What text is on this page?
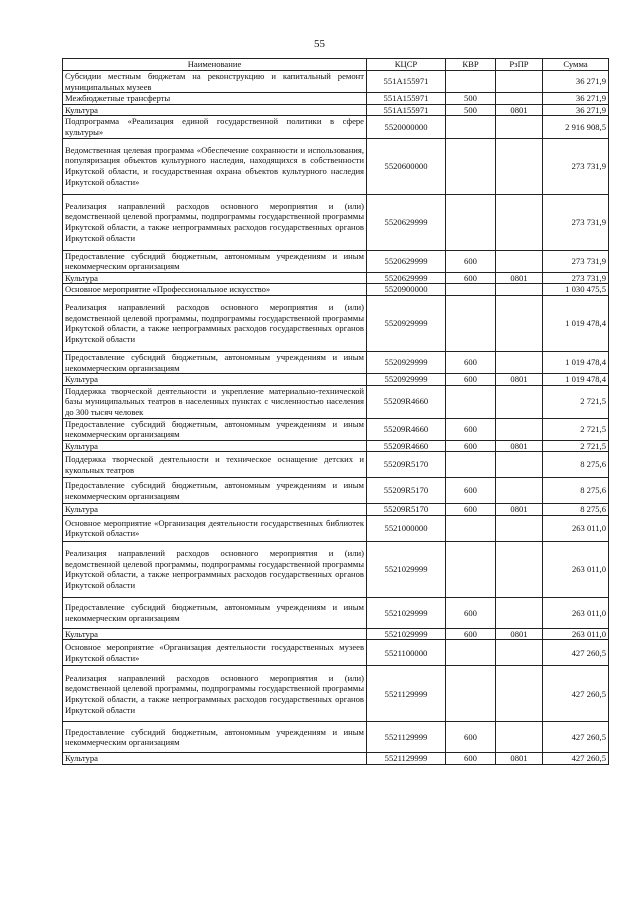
55
Наименование	КЦСР	КВР	РзПР	Сумма
Субсидии местным бюджетам на реконструкцию и капитальный ремонт муниципальных музеев	551А155971			36 271,9
Межбюджетные трансферты	551А155971	500		36 271,9
Культура	551А155971	500	0801	36 271,9
Подпрограмма «Реализация единой государственной политики в сфере культуры»	5520000000			2 916 908,5
Ведомственная целевая программа «Обеспечение сохранности и использования, популяризация объектов культурного наследия, находящихся в собственности Иркутской области, и государственная охрана объектов культурного наследия Иркутской области»	5520600000			273 731,9
Реализация направлений расходов основного мероприятия и (или) ведомственной целевой программы, подпрограммы государственной программы Иркутской области, а также непрограммных расходов государственных органов Иркутской области	5520629999			273 731,9
Предоставление субсидий бюджетным, автономным учреждениям и иным некоммерческим организациям	5520629999	600		273 731,9
Культура	5520629999	600	0801	273 731,9
Основное мероприятие «Профессиональное искусство»	5520900000			1 030 475,5
Реализация направлений расходов основного мероприятия и (или) ведомственной целевой программы, подпрограммы государственной программы Иркутской области, а также непрограммных расходов государственных органов Иркутской области	5520929999			1 019 478,4
Предоставление субсидий бюджетным, автономным учреждениям и иным некоммерческим организациям	5520929999	600		1 019 478,4
Культура	5520929999	600	0801	1 019 478,4
Поддержка творческой деятельности и укрепление материально-технической базы муниципальных театров в населенных пунктах с численностью населения до 300 тысяч человек	55209R4660			2 721,5
Предоставление субсидий бюджетным, автономным учреждениям и иным некоммерческим организациям	55209R4660	600		2 721,5
Культура	55209R4660	600	0801	2 721,5
Поддержка творческой деятельности и техническое оснащение детских и кукольных театров	55209R5170			8 275,6
Предоставление субсидий бюджетным, автономным учреждениям и иным некоммерческим организациям	55209R5170	600		8 275,6
Культура	55209R5170	600	0801	8 275,6
Основное мероприятие «Организация деятельности государственных библиотек Иркутской области»	5521000000			263 011,0
Реализация направлений расходов основного мероприятия и (или) ведомственной целевой программы, подпрограммы государственной программы Иркутской области, а также непрограммных расходов государственных органов Иркутской области	5521029999			263 011,0
Предоставление субсидий бюджетным, автономным учреждениям и иным некоммерческим организациям	5521029999	600		263 011,0
Культура	5521029999	600	0801	263 011,0
Основное мероприятие «Организация деятельности государственных музеев Иркутской области»	5521100000			427 260,5
Реализация направлений расходов основного мероприятия и (или) ведомственной целевой программы, подпрограммы государственной программы Иркутской области, а также непрограммных расходов государственных органов Иркутской области	5521129999			427 260,5
Предоставление субсидий бюджетным, автономным учреждениям и иным некоммерческим организациям	5521129999	600		427 260,5
Культура	5521129999	600	0801	427 260,5
